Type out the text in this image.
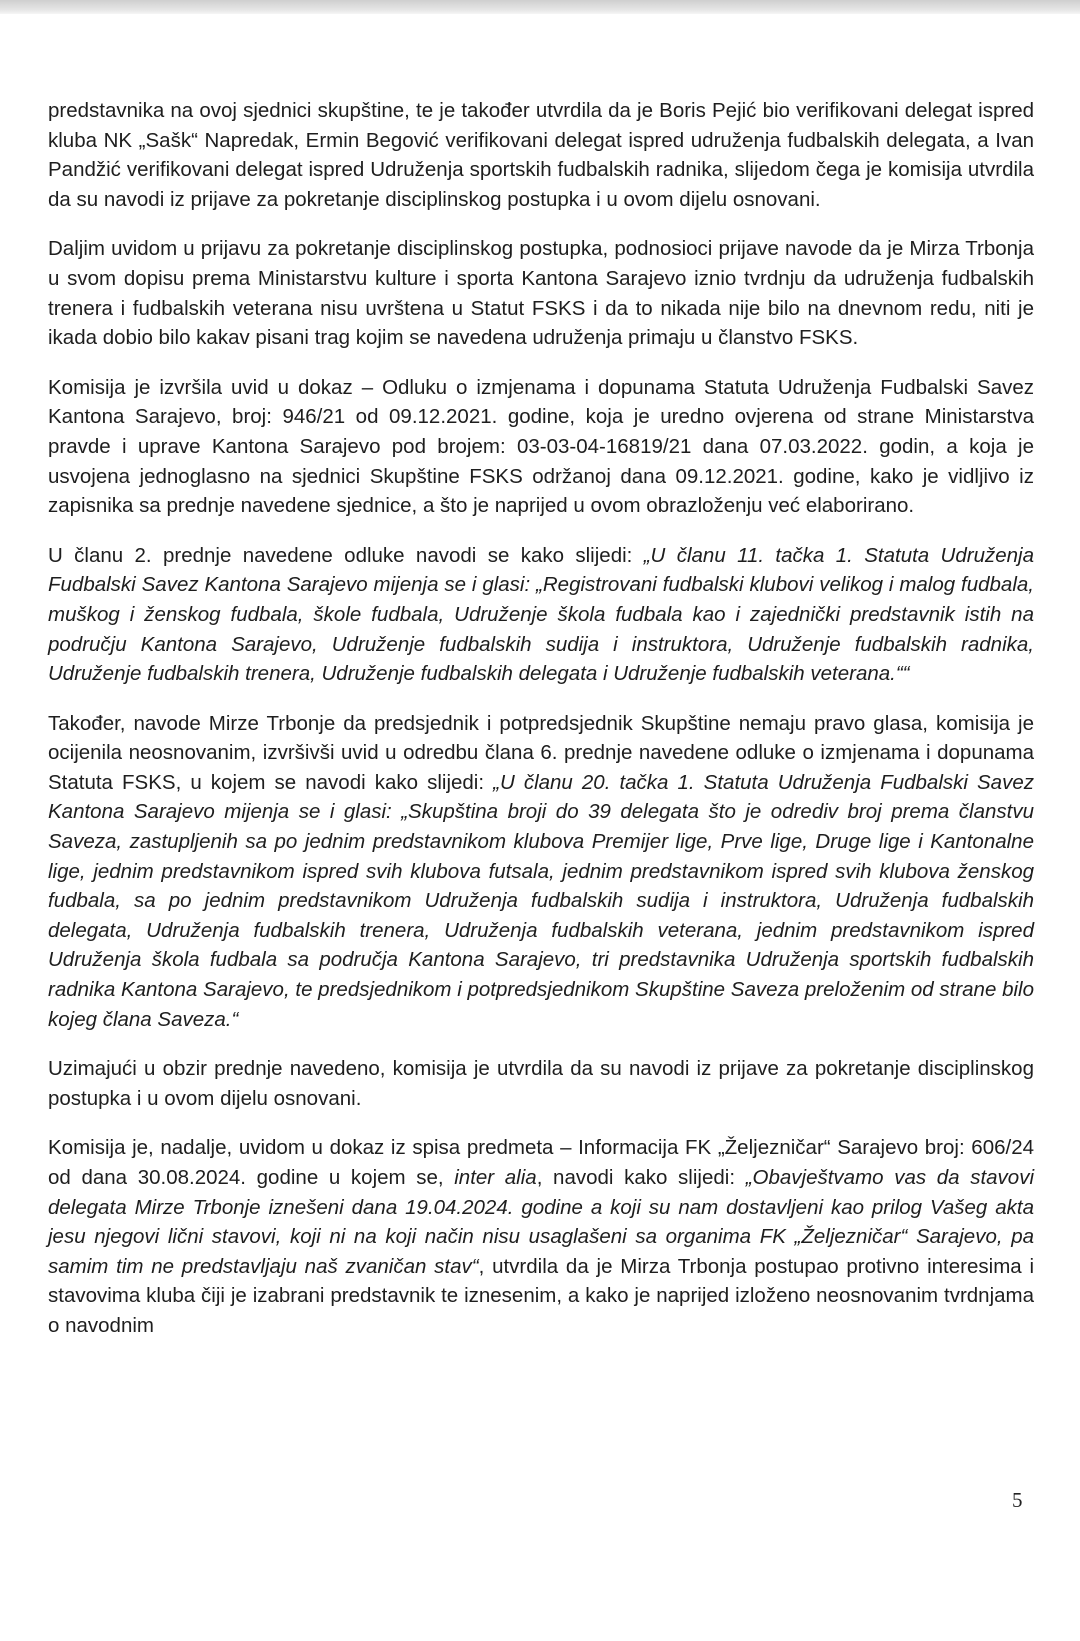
predstavnika na ovoj sjednici skupštine, te je također utvrdila da je Boris Pejić bio verifikovani delegat ispred kluba NK „Sašk“ Napredak, Ermin Begović verifikovani delegat ispred udruženja fudbalskih delegata, a Ivan Pandžić verifikovani delegat ispred Udruženja sportskih fudbalskih radnika, slijedom čega je komisija utvrdila da su navodi iz prijave za pokretanje disciplinskog postupka i u ovom dijelu osnovani.

Daljim uvidom u prijavu za pokretanje disciplinskog postupka, podnosioci prijave navode da je Mirza Trbonja u svom dopisu prema Ministarstvu kulture i sporta Kantona Sarajevo iznio tvrdnju da udruženja fudbalskih trenera i fudbalskih veterana nisu uvrštena u Statut FSKS i da to nikada nije bilo na dnevnom redu, niti je ikada dobio bilo kakav pisani trag kojim se navedena udruženja primaju u članstvo FSKS.

Komisija je izvršila uvid u dokaz – Odluku o izmjenama i dopunama Statuta Udruženja Fudbalski Savez Kantona Sarajevo, broj: 946/21 od 09.12.2021. godine, koja je uredno ovjerena od strane Ministarstva pravde i uprave Kantona Sarajevo pod brojem: 03-03-04-16819/21 dana 07.03.2022. godin, a koja je usvojena jednoglasno na sjednici Skupštine FSKS održanoj dana 09.12.2021. godine, kako je vidljivo iz zapisnika sa prednje navedene sjednice, a što je naprijed u ovom obrazloženju već elaborirano.

U članu 2. prednje navedene odluke navodi se kako slijedi: „U članu 11. tačka 1. Statuta Udruženja Fudbalski Savez Kantona Sarajevo mijenja se i glasi: „Registrovani fudbalski klubovi velikog i malog fudbala, muškog i ženskog fudbala, škole fudbala, Udruženje škola fudbala kao i zajednički predstavnik istih na području Kantona Sarajevo, Udruženje fudbalskih sudija i instruktora, Udruženje fudbalskih radnika, Udruženje fudbalskih trenera, Udruženje fudbalskih delegata i Udruženje fudbalskih veterana.““

Također, navode Mirze Trbonje da predsjednik i potpredsjednik Skupštine nemaju pravo glasa, komisija je ocijenila neosnovanim, izvršivši uvid u odredbu člana 6. prednje navedene odluke o izmjenama i dopunama Statuta FSKS, u kojem se navodi kako slijedi: „U članu 20. tačka 1. Statuta Udruženja Fudbalski Savez Kantona Sarajevo mijenja se i glasi: „Skupština broji do 39 delegata što je odrediv broj prema članstvu Saveza, zastupljenih sa po jednim predstavnikom klubova Premijer lige, Prve lige, Druge lige i Kantonalne lige, jednim predstavnikom ispred svih klubova futsala, jednim predstavnikom ispred svih klubova ženskog fudbala, sa po jednim predstavnikom Udruženja fudbalskih sudija i instruktora, Udruženja fudbalskih delegata, Udruženja fudbalskih trenera, Udruženja fudbalskih veterana, jednim predstavnikom ispred Udruženja škola fudbala sa područja Kantona Sarajevo, tri predstavnika Udruženja sportskih fudbalskih radnika Kantona Sarajevo, te predsjednikom i potpredsjednikom Skupštine Saveza preloženim od strane bilo kojeg člana Saveza.“

Uzimajući u obzir prednje navedeno, komisija je utvrdila da su navodi iz prijave za pokretanje disciplinskog postupka i u ovom dijelu osnovani.

Komisija je, nadalje, uvidom u dokaz iz spisa predmeta – Informacija FK „Željezničar“ Sarajevo broj: 606/24 od dana 30.08.2024. godine u kojem se, inter alia, navodi kako slijedi: „Obavještvamo vas da stavovi delegata Mirze Trbonje iznešeni dana 19.04.2024. godine a koji su nam dostavljeni kao prilog Vašeg akta jesu njegovi lični stavovi, koji ni na koji način nisu usaglašeni sa organima FK „Željezničar“ Sarajevo, pa samim tim ne predstavljaju naš zvaničan stav“, utvrdila da je Mirza Trbonja postupao protivno interesima i stavovima kluba čiji je izabrani predstavnik te iznesenim, a kako je naprijed izloženo neosnovanim tvrdnjama o navodnim

5
